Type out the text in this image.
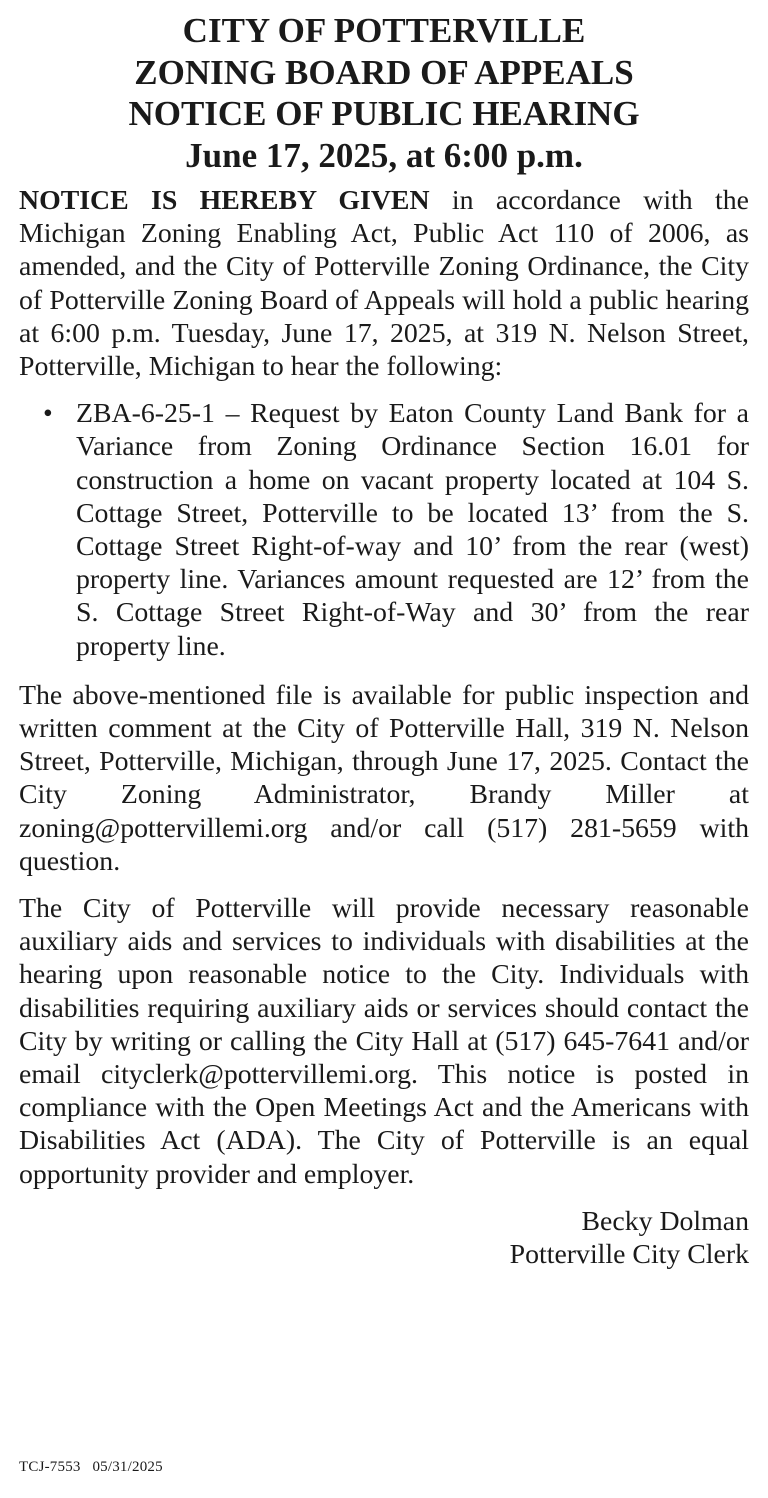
CITY OF POTTERVILLE
ZONING BOARD OF APPEALS
NOTICE OF PUBLIC HEARING
June 17, 2025, at 6:00 p.m.

NOTICE IS HEREBY GIVEN in accordance with the Michigan Zoning Enabling Act, Public Act 110 of 2006, as amended, and the City of Potterville Zoning Ordinance, the City of Potterville Zoning Board of Appeals will hold a public hearing at 6:00 p.m. Tuesday, June 17, 2025, at 319 N. Nelson Street, Potterville, Michigan to hear the following:

• ZBA-6-25-1 – Request by Eaton County Land Bank for a Variance from Zoning Ordinance Section 16.01 for construction a home on vacant property located at 104 S. Cottage Street, Potterville to be located 13’ from the S. Cottage Street Right-of-way and 10’ from the rear (west) property line. Variances amount requested are 12’ from the S. Cottage Street Right-of-Way and 30’ from the rear property line.

The above-mentioned file is available for public inspection and written comment at the City of Potterville Hall, 319 N. Nelson Street, Potterville, Michigan, through June 17, 2025. Contact the City Zoning Administrator, Brandy Miller at zoning@pottervillemi.org and/or call (517) 281-5659 with question.

The City of Potterville will provide necessary reasonable auxiliary aids and services to individuals with disabilities at the hearing upon reasonable notice to the City. Individuals with disabilities requiring auxiliary aids or services should contact the City by writing or calling the City Hall at (517) 645-7641 and/or email cityclerk@pottervillemi.org. This notice is posted in compliance with the Open Meetings Act and the Americans with Disabilities Act (ADA). The City of Potterville is an equal opportunity provider and employer.

Becky Dolman
Potterville City Clerk
TCJ-7553 05/31/2025
